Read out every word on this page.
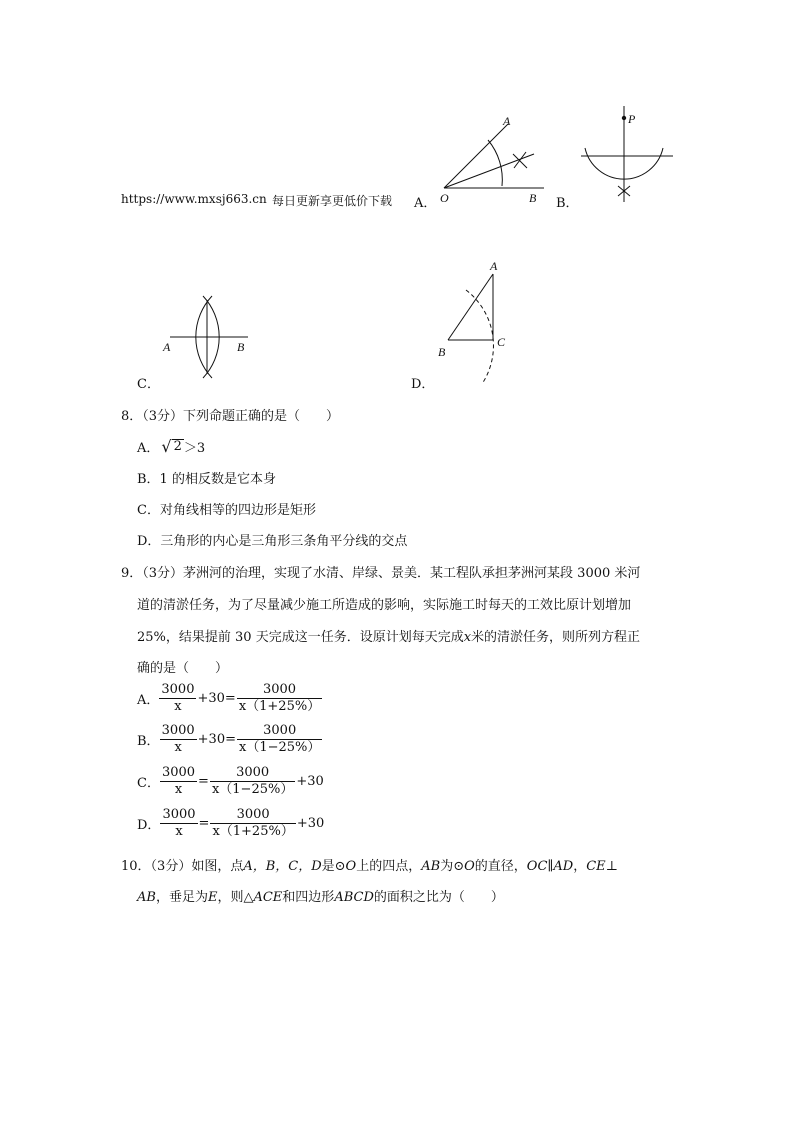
https://www.mxsj663.cn 每日更新享更低价下载 A．
A
O	B B．
P
A	B
C．
A
B
C
D．
8．（3分）下列命题正确的是（　　）
A． √ 2 ＞3
B．1 的相反数是它本身
C．对角线相等的四边形是矩形
D．三角形的内心是三角形三条角平分线的交点
9．（3分）茅洲河的治理，实现了水清、岸绿、景美．某工程队承担茅洲河某段 3000 米河
道的清淤任务，为了尽量减少施工所造成的影响，实际施工时每天的工效比原计划增加
25%，结果提前 30 天完成这一任务．设原计划每天完成x米的清淤任务，则所列方程正
确的是（　　）
A． $\frac{3000}{x} +30= \frac{3000}{x(1+25\%)}$
B． $\frac{3000}{x} +30= \frac{3000}{x(1-25\%)}$
C． $\frac{3000}{x} = \frac{3000}{x(1-25\%)} +30$
D． $\frac{3000}{x} = \frac{3000}{x(1+25\%)} +30$
10．（3分）如图，点A，B，C，D是⊙O上的四点，AB为⊙O的直径，OC∥AD，CE⊥
AB，垂足为E，则△ACE和四边形ABCD的面积之比为（　　）
